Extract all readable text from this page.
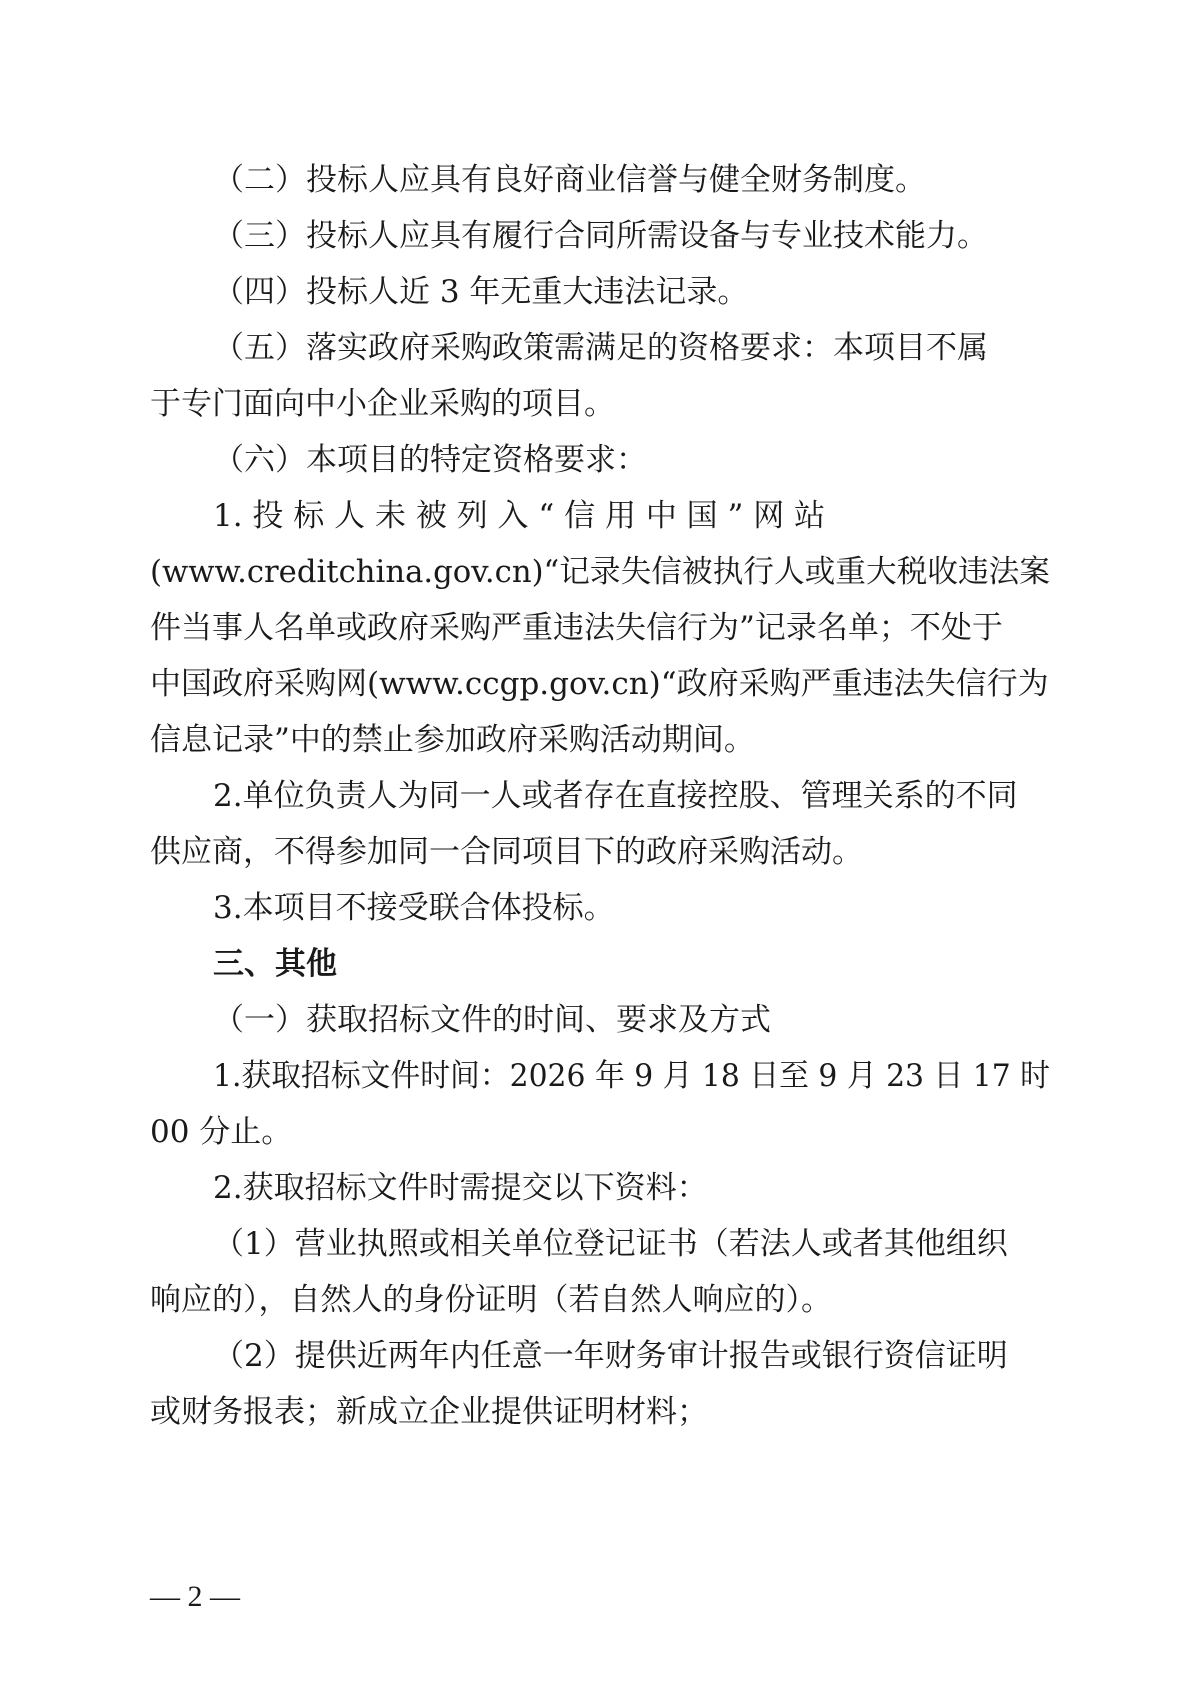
（二）投标人应具有良好商业信誉与健全财务制度。
（三）投标人应具有履行合同所需设备与专业技术能力。
（四）投标人近 3 年无重大违法记录。
（五）落实政府采购政策需满足的资格要求：本项目不属
于专门面向中小企业采购的项目。
（六）本项目的特定资格要求：
1. 投 标 人 未 被 列 入 “ 信 用 中 国 ” 网 站
(www.creditchina.gov.cn)“记录失信被执行人或重大税收违法案
件当事人名单或政府采购严重违法失信行为”记录名单；不处于
中国政府采购网(www.ccgp.gov.cn)“政府采购严重违法失信行为
信息记录”中的禁止参加政府采购活动期间。
2.单位负责人为同一人或者存在直接控股、管理关系的不同
供应商，不得参加同一合同项目下的政府采购活动。
3.本项目不接受联合体投标。
三、其他
（一）获取招标文件的时间、要求及方式
1.获取招标文件时间：2026 年 9 月 18 日至 9 月 23 日 17 时
00 分止。
2.获取招标文件时需提交以下资料：
（1）营业执照或相关单位登记证书（若法人或者其他组织
响应的），自然人的身份证明（若自然人响应的）。
（2）提供近两年内任意一年财务审计报告或银行资信证明
或财务报表；新成立企业提供证明材料；
— 2 —
